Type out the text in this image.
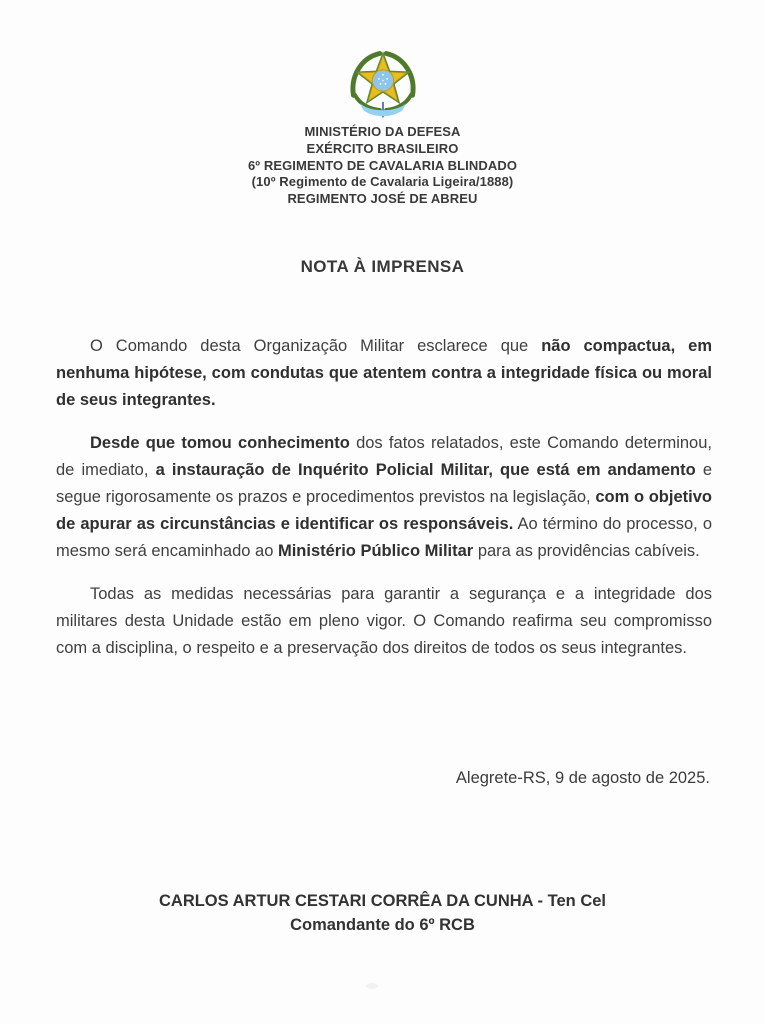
MINISTÉRIO DA DEFESA
EXÉRCITO BRASILEIRO
6º REGIMENTO DE CAVALARIA BLINDADO
(10º Regimento de Cavalaria Ligeira/1888)
REGIMENTO JOSÉ DE ABREU
NOTA À IMPRENSA

O Comando desta Organização Militar esclarece que não compactua, em nenhuma hipótese, com condutas que atentem contra a integridade física ou moral de seus integrantes.

Desde que tomou conhecimento dos fatos relatados, este Comando determinou, de imediato, a instauração de Inquérito Policial Militar, que está em andamento e segue rigorosamente os prazos e procedimentos previstos na legislação, com o objetivo de apurar as circunstâncias e identificar os responsáveis. Ao término do processo, o mesmo será encaminhado ao Ministério Público Militar para as providências cabíveis.

Todas as medidas necessárias para garantir a segurança e a integridade dos militares desta Unidade estão em pleno vigor. O Comando reafirma seu compromisso com a disciplina, o respeito e a preservação dos direitos de todos os seus integrantes.

Alegrete-RS, 9 de agosto de 2025.
CARLOS ARTUR CESTARI CORRÊA DA CUNHA - Ten Cel
Comandante do 6º RCB
